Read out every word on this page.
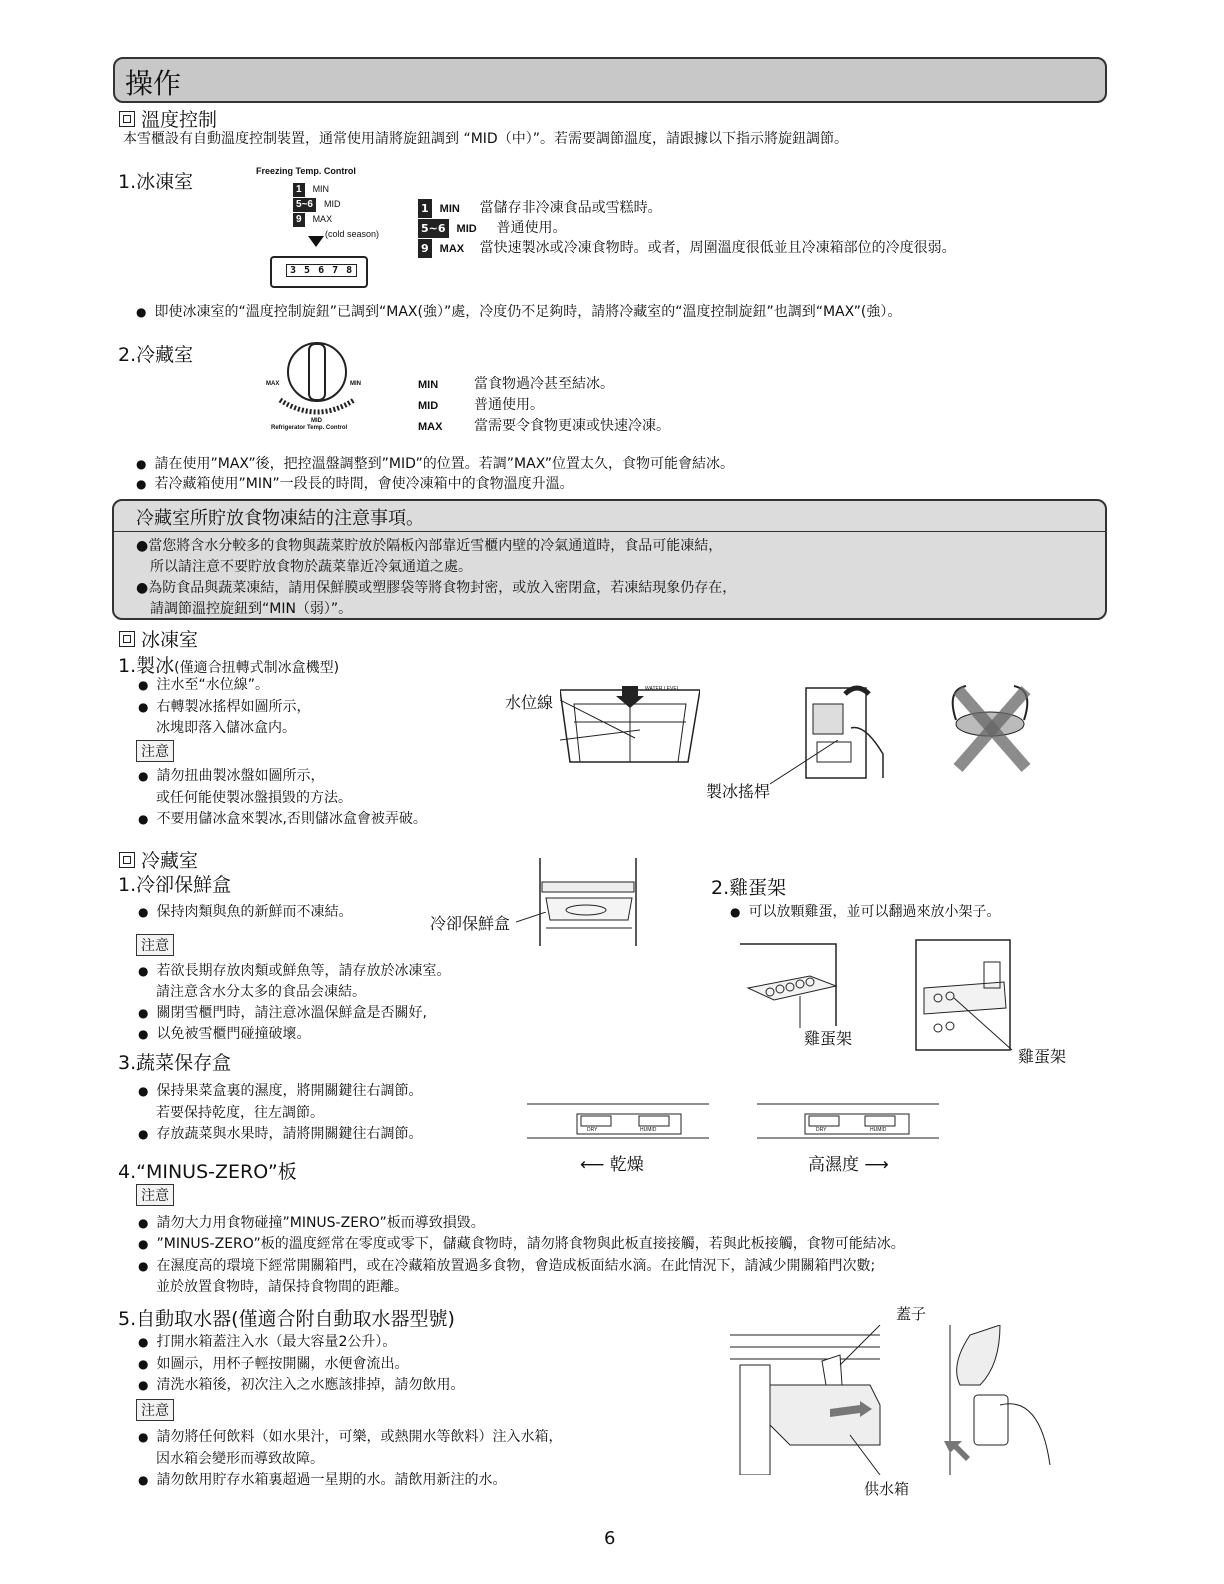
操作
溫度控制
本雪櫃設有自動溫度控制裝置，通常使用請將旋鈕調到 “MID（中）”。若需要調節溫度，請跟據以下指示將旋鈕調節。
1.冰凍室	Freezing Temp. Control
1 MIN
5~6 MID
9 MAX
(cold season)
3 5 6 7 8
1 MIN 當儲存非冷凍食品或雪糕時。
5~6 MID 普通使用。
9 MAX 當快速製冰或冷凍食物時。或者，周圍溫度很低並且冷凍箱部位的冷度很弱。
● 即使冰凍室的“溫度控制旋鈕”已調到“MAX(強）”處，冷度仍不足夠時，請將冷藏室的“溫度控制旋鈕”也調到“MAX”(強）。
2.冷藏室
MAX	MIN
MID
Refrigerator Temp. Control
MIN	當食物過冷甚至結冰。
MID	普通使用。
MAX 當需要令食物更凍或快速冷凍。
● 請在使用”MAX”後，把控溫盤調整到”MID”的位置。若調”MAX”位置太久，食物可能會結冰。
● 若冷藏箱使用”MIN”一段長的時間，會使冷凍箱中的食物溫度升溫。
冷藏室所貯放食物凍結的注意事項。
●當您將含水分較多的食物與蔬菜貯放於隔板內部靠近雪櫃内壁的冷氣通道時，食品可能凍結，
所以請注意不要貯放食物於蔬菜靠近冷氣通道之處。
●為防食品與蔬菜凍結，請用保鮮膜或塑膠袋等將食物封密，或放入密閉盒，若凍結現象仍存在，
請調節溫控旋鈕到“MIN（弱）”。
冰凍室
1.製冰(僅適合扭轉式制冰盒機型)
● 注水至“水位線”。
● 右轉製冰搖桿如圖所示，
冰塊即落入儲冰盒内。
注意
● 請勿扭曲製冰盤如圖所示，
或任何能使製冰盤損毀的方法。
● 不要用儲冰盒來製冰,否則儲冰盒會被弄破。
水位線
WATER LEVEL
製冰搖桿
冷藏室
1.冷卻保鮮盒
● 保持肉類與魚的新鮮而不凍結。
冷卻保鮮盒
注意
● 若欲長期存放肉類或鮮魚等，請存放於冰凍室。
請注意含水分太多的食品会凍結。
● 關閉雪櫃門時，請注意冰溫保鮮盒是否關好,
● 以免被雪櫃門碰撞破壞。
2.雞蛋架
● 可以放顆雞蛋，並可以翻過來放小架子。
雞蛋架
雞蛋架
3.蔬菜保存盒
● 保持果菜盒裏的濕度，將開關鍵往右調節。
若要保持乾度，往左調節。
● 存放蔬菜與水果時，請將開關鍵往右調節。	DRY	HUMID	DRY	HUMID
⟵ 乾燥	高濕度 ⟶
4.“MINUS-ZERO”板
注意
● 請勿大力用食物碰撞”MINUS-ZERO”板而導致損毀。
● ”MINUS-ZERO”板的溫度經常在零度或零下，儲藏食物時，請勿將食物與此板直接接觸，若與此板接觸，食物可能結冰。
● 在濕度高的環境下經常開關箱門，或在冷藏箱放置過多食物，會造成板面結水滴。在此情況下，請減少開關箱門次數;
並於放置食物時，請保持食物間的距離。
5.自動取水器(僅適合附自動取水器型號)
● 打開水箱蓋注入水（最大容量2公升）。
● 如圖示，用杯子輕按開關，水便會流出。
● 清洗水箱後，初次注入之水應該排掉，請勿飲用。
注意
● 請勿將任何飲料（如水果汁，可樂，或熱開水等飲料）注入水箱，
因水箱会變形而導致故障。
● 請勿飲用貯存水箱裏超過一星期的水。請飲用新注的水。
蓋子
供水箱
6
